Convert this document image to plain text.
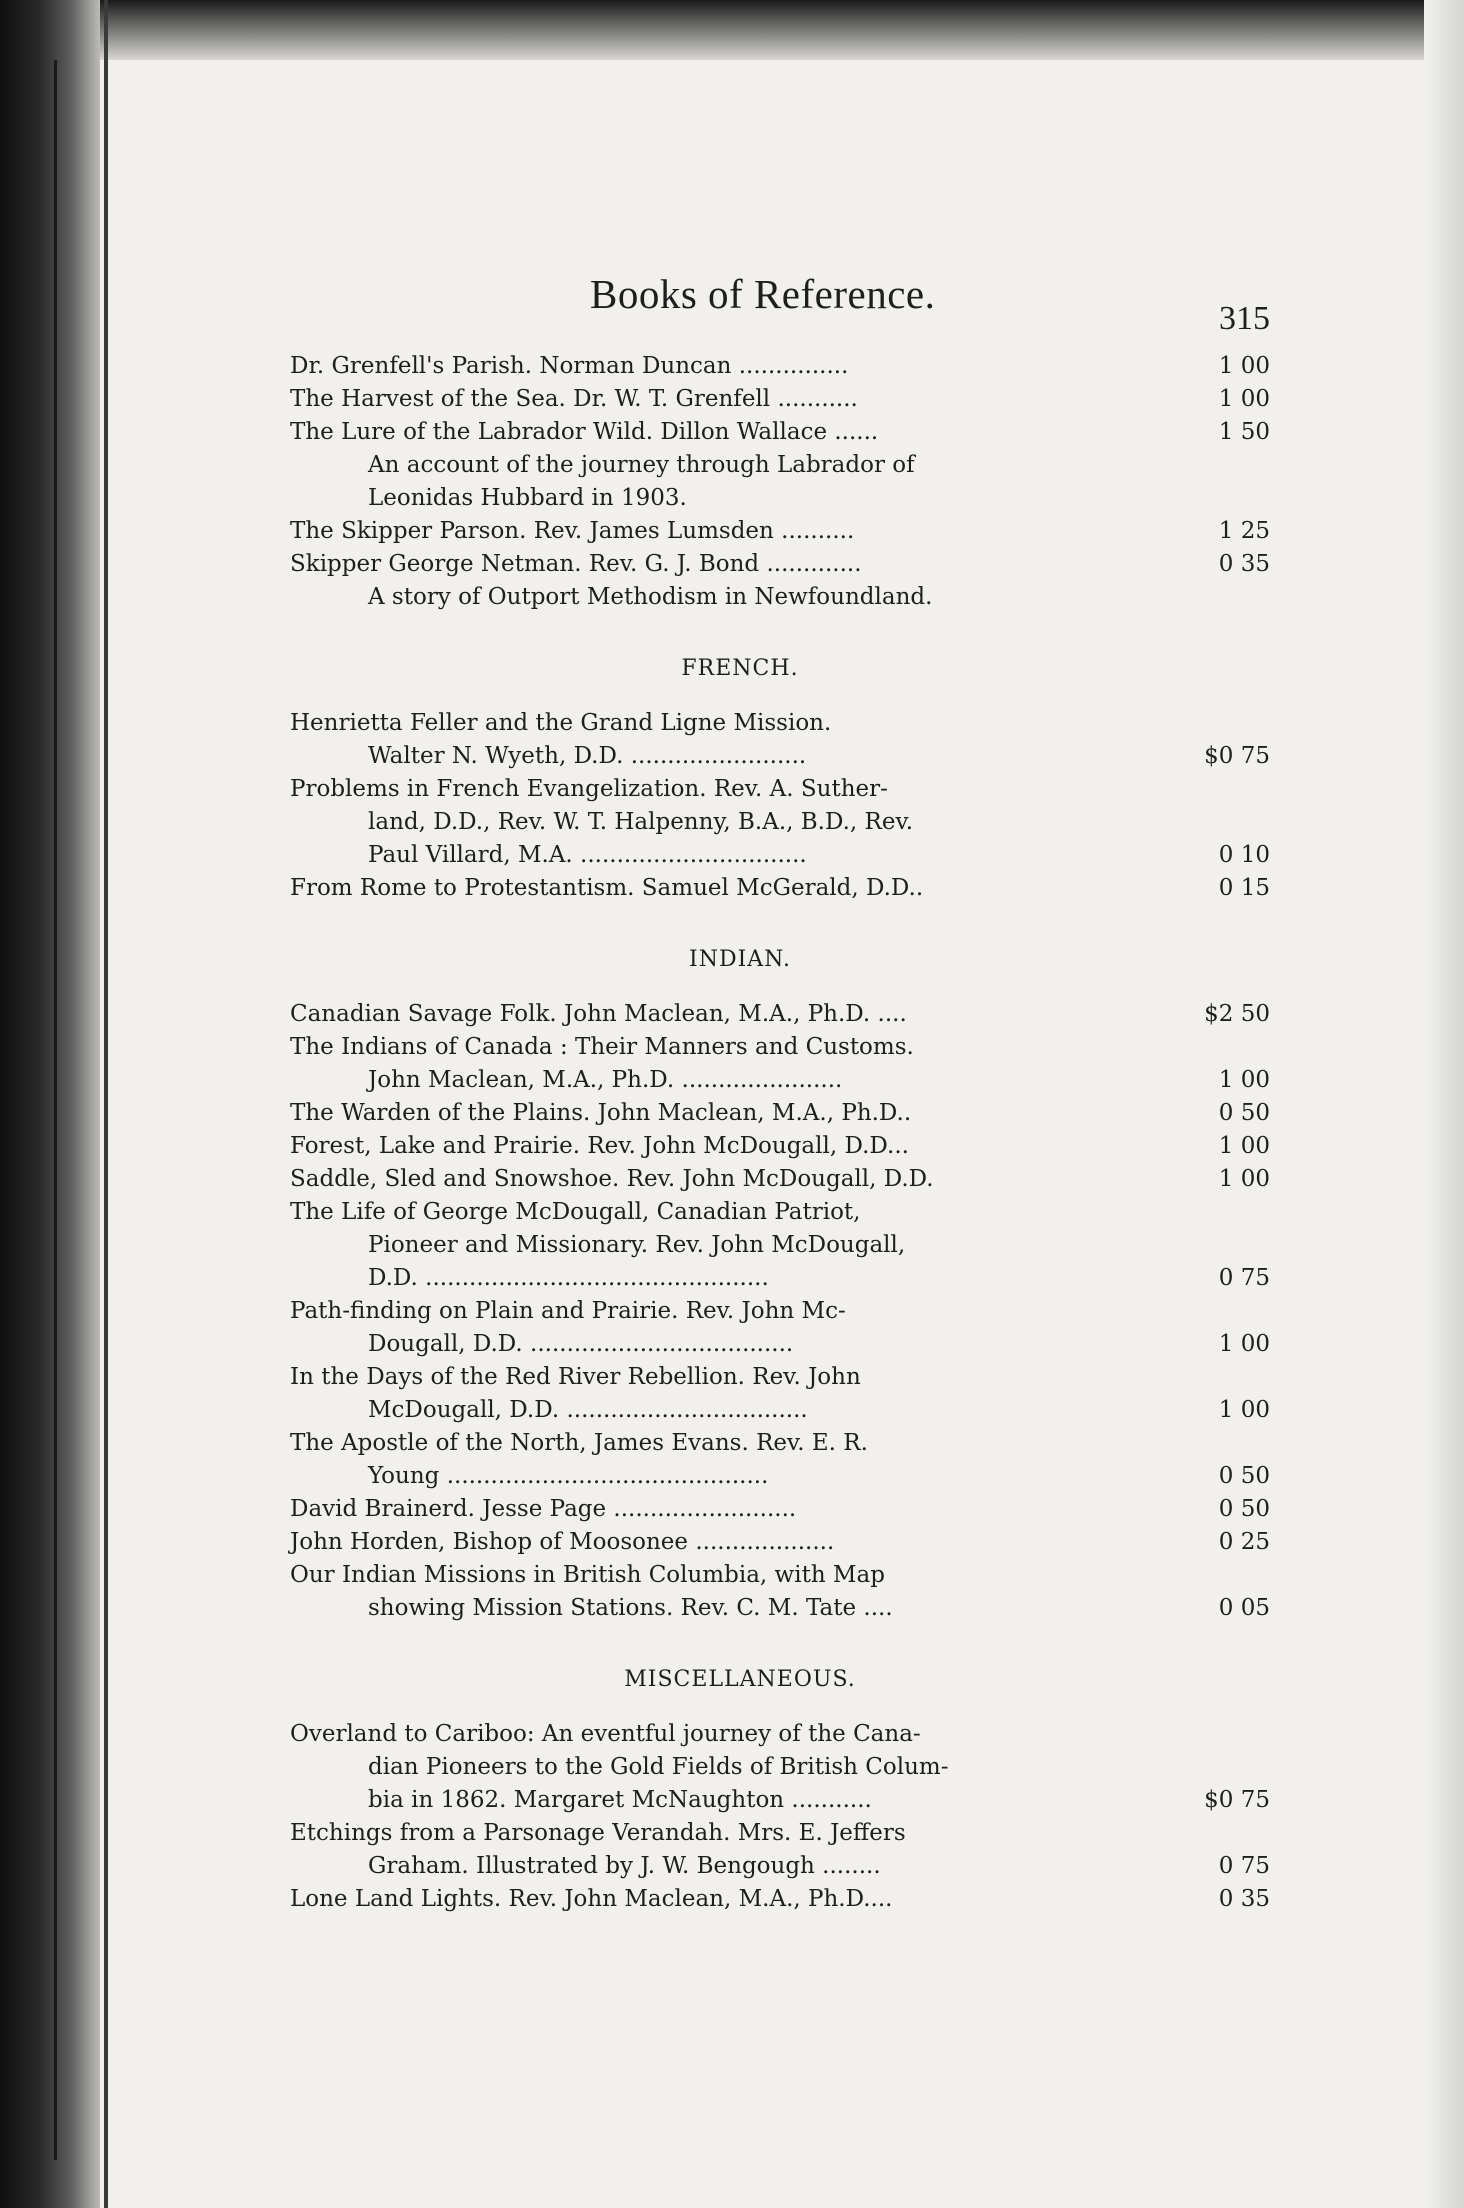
Books of Reference.
315
Dr. Grenfell's Parish. Norman Duncan ...............	1 00
The Harvest of the Sea. Dr. W. T. Grenfell ...........	1 00
The Lure of the Labrador Wild. Dillon Wallace ......	1 50
An account of the journey through Labrador of
Leonidas Hubbard in 1903.
The Skipper Parson. Rev. James Lumsden ..........	1 25
Skipper George Netman. Rev. G. J. Bond .............	0 35
A story of Outport Methodism in Newfoundland.
FRENCH.
Henrietta Feller and the Grand Ligne Mission.
Walter N. Wyeth, D.D. ........................	$0 75
Problems in French Evangelization. Rev. A. Suther-
land, D.D., Rev. W. T. Halpenny, B.A., B.D., Rev.
Paul Villard, M.A. ...............................	0 10
From Rome to Protestantism. Samuel McGerald, D.D..	0 15
INDIAN.
Canadian Savage Folk. John Maclean, M.A., Ph.D. ....	$2 50
The Indians of Canada : Their Manners and Customs.
John Maclean, M.A., Ph.D. ......................	1 00
The Warden of the Plains. John Maclean, M.A., Ph.D..	0 50
Forest, Lake and Prairie. Rev. John McDougall, D.D...	1 00
Saddle, Sled and Snowshoe. Rev. John McDougall, D.D.	1 00
The Life of George McDougall, Canadian Patriot,
Pioneer and Missionary. Rev. John McDougall,
D.D. ...............................................	0 75
Path-finding on Plain and Prairie. Rev. John Mc-
Dougall, D.D. ....................................	1 00
In the Days of the Red River Rebellion. Rev. John
McDougall, D.D. .................................	1 00
The Apostle of the North, James Evans. Rev. E. R.
Young ............................................	0 50
David Brainerd. Jesse Page .........................	0 50
John Horden, Bishop of Moosonee ...................	0 25
Our Indian Missions in British Columbia, with Map
showing Mission Stations. Rev. C. M. Tate ....	0 05
MISCELLANEOUS.
Overland to Cariboo: An eventful journey of the Cana-
dian Pioneers to the Gold Fields of British Colum-
bia in 1862. Margaret McNaughton ...........	$0 75
Etchings from a Parsonage Verandah. Mrs. E. Jeffers
Graham. Illustrated by J. W. Bengough ........	0 75
Lone Land Lights. Rev. John Maclean, M.A., Ph.D....	0 35
